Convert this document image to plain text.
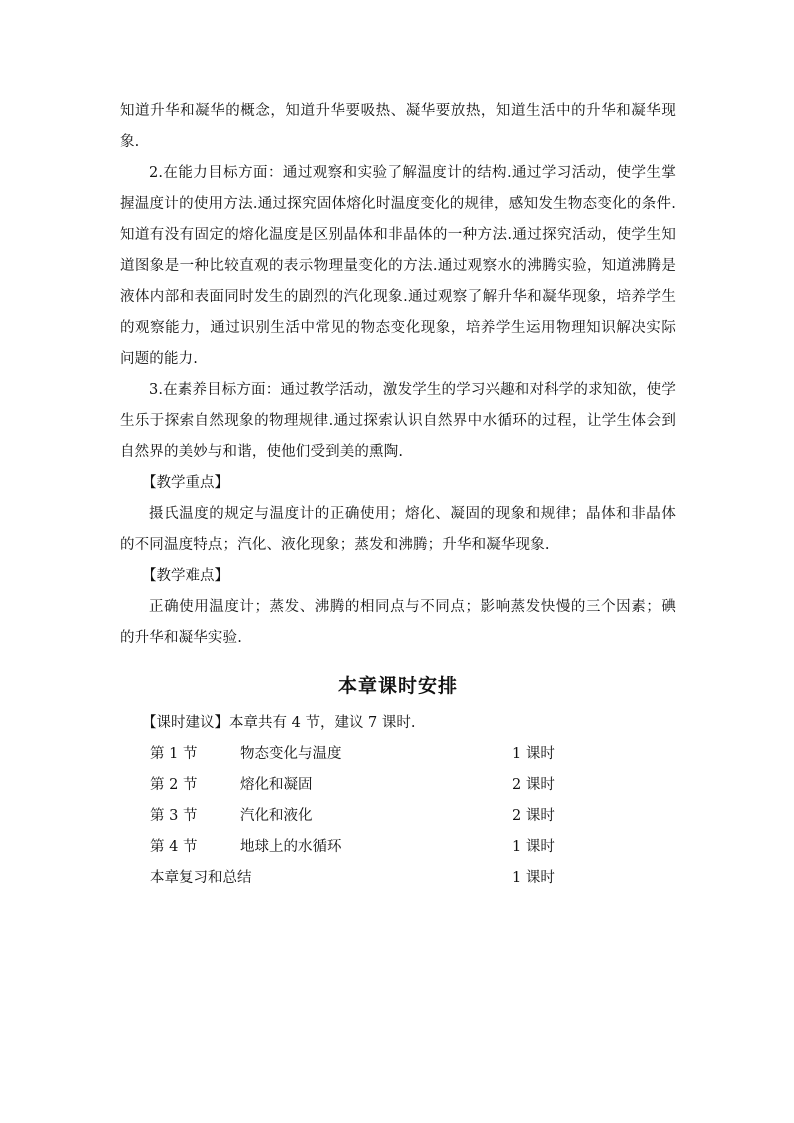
知道升华和凝华的概念，知道升华要吸热、凝华要放热，知道生活中的升华和凝华现象.

2.在能力目标方面：通过观察和实验了解温度计的结构.通过学习活动，使学生掌握温度计的使用方法.通过探究固体熔化时温度变化的规律，感知发生物态变化的条件.知道有没有固定的熔化温度是区别晶体和非晶体的一种方法.通过探究活动，使学生知道图象是一种比较直观的表示物理量变化的方法.通过观察水的沸腾实验，知道沸腾是液体内部和表面同时发生的剧烈的汽化现象.通过观察了解升华和凝华现象，培养学生的观察能力，通过识别生活中常见的物态变化现象，培养学生运用物理知识解决实际问题的能力.

3.在素养目标方面：通过教学活动，激发学生的学习兴趣和对科学的求知欲，使学生乐于探索自然现象的物理规律.通过探索认识自然界中水循环的过程，让学生体会到自然界的美妙与和谐，使他们受到美的熏陶.

【教学重点】

摄氏温度的规定与温度计的正确使用；熔化、凝固的现象和规律；晶体和非晶体的不同温度特点；汽化、液化现象；蒸发和沸腾；升华和凝华现象.

【教学难点】

正确使用温度计；蒸发、沸腾的相同点与不同点；影响蒸发快慢的三个因素；碘的升华和凝华实验.

本章课时安排

【课时建议】本章共有 4 节，建议 7 课时.

第 1 节	物态变化与温度	1 课时
第 2 节	熔化和凝固	2 课时
第 3 节	汽化和液化	2 课时
第 4 节	地球上的水循环	1 课时
本章复习和总结	1 课时
